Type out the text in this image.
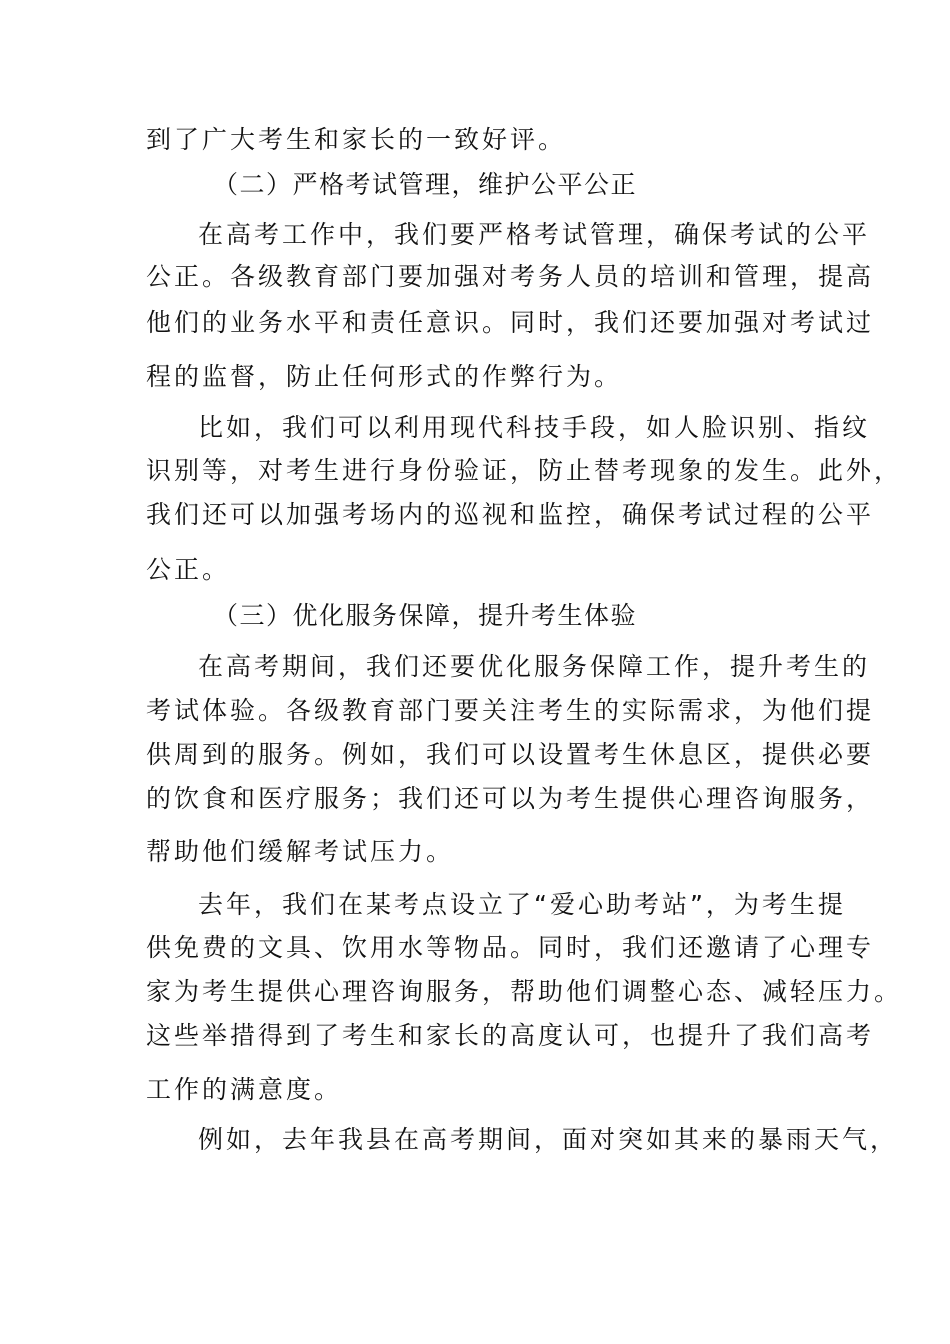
到了广大考生和家长的一致好评。
（二）严格考试管理，维护公平公正
在高考工作中，我们要严格考试管理，确保考试的公平
公正。各级教育部门要加强对考务人员的培训和管理，提高
他们的业务水平和责任意识。同时，我们还要加强对考试过
程的监督，防止任何形式的作弊行为。
比如，我们可以利用现代科技手段，如人脸识别、指纹
识别等，对考生进行身份验证，防止替考现象的发生。此外，
我们还可以加强考场内的巡视和监控，确保考试过程的公平
公正。
（三）优化服务保障，提升考生体验
在高考期间，我们还要优化服务保障工作，提升考生的
考试体验。各级教育部门要关注考生的实际需求，为他们提
供周到的服务。例如，我们可以设置考生休息区，提供必要
的饮食和医疗服务；我们还可以为考生提供心理咨询服务，
帮助他们缓解考试压力。
去年，我们在某考点设立了“爱心助考站”，为考生提
供免费的文具、饮用水等物品。同时，我们还邀请了心理专
家为考生提供心理咨询服务，帮助他们调整心态、减轻压力。
这些举措得到了考生和家长的高度认可，也提升了我们高考
工作的满意度。
例如，去年我县在高考期间，面对突如其来的暴雨天气，
